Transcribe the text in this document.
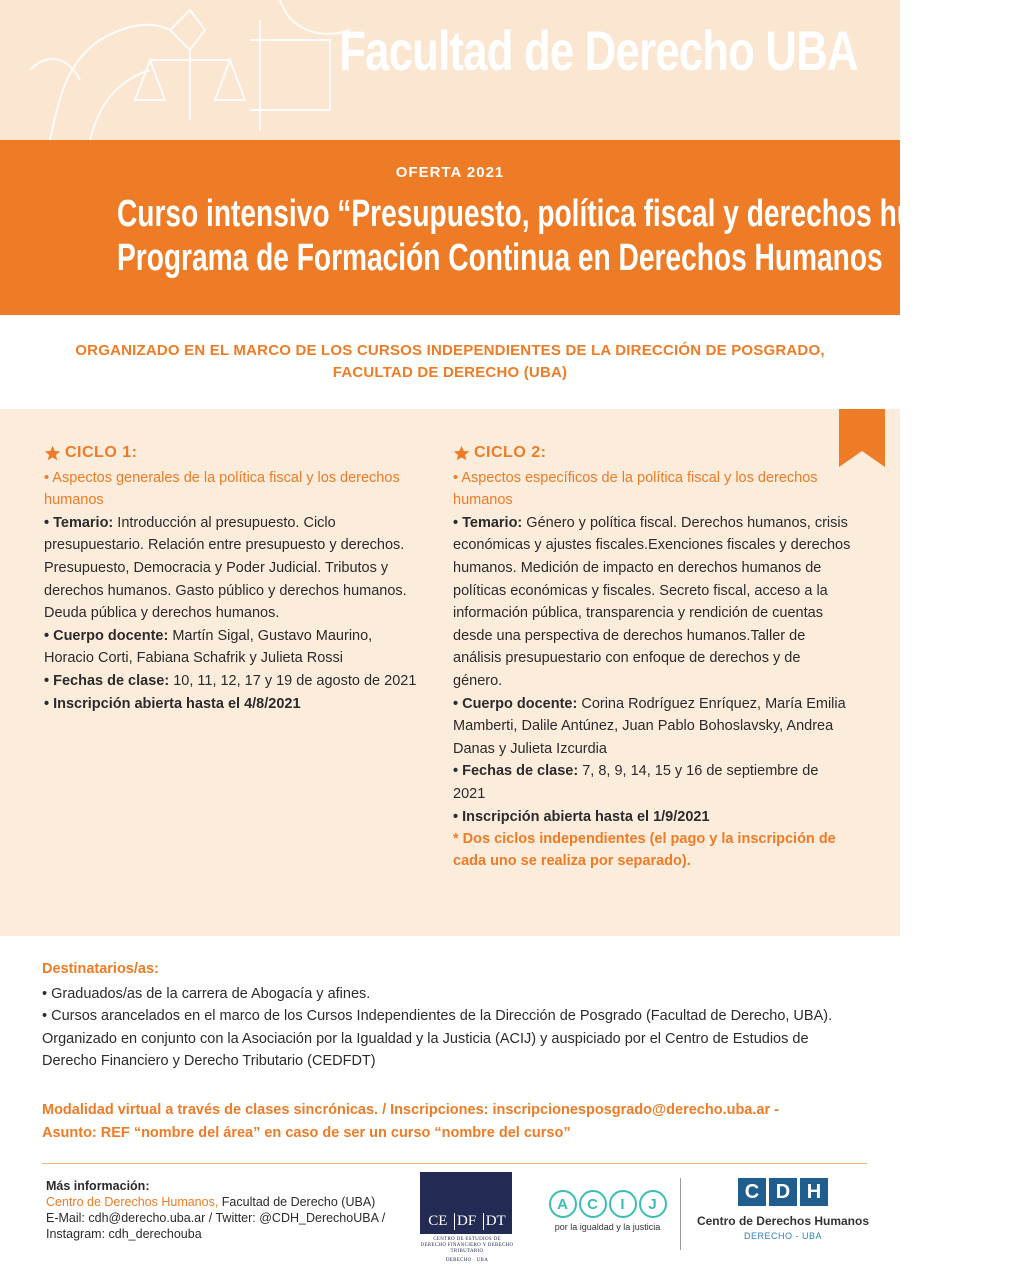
Facultad de Derecho UBA
OFERTA 2021
Curso intensivo “Presupuesto, política fiscal y derechos humanos”
Programa de Formación Continua en Derechos Humanos
ORGANIZADO EN EL MARCO DE LOS CURSOS INDEPENDIENTES DE LA DIRECCIÓN DE POSGRADO,
FACULTAD DE DERECHO (UBA)
CICLO 1:

• Aspectos generales de la política fiscal y los derechos humanos

• Temario: Introducción al presupuesto. Ciclo presupuestario. Relación entre presupuesto y derechos. Presupuesto, Democracia y Poder Judicial. Tributos y derechos humanos. Gasto público y derechos humanos. Deuda pública y derechos humanos.

• Cuerpo docente: Martín Sigal, Gustavo Maurino, Horacio Corti, Fabiana Schafrik y Julieta Rossi

• Fechas de clase: 10, 11, 12, 17 y 19 de agosto de 2021

• Inscripción abierta hasta el 4/8/2021

CICLO 2:

• Aspectos específicos de la política fiscal y los derechos humanos

• Temario: Género y política fiscal. Derechos humanos, crisis económicas y ajustes fiscales.Exenciones fiscales y derechos humanos. Medición de impacto en derechos humanos de políticas económicas y fiscales. Secreto fiscal, acceso a la información pública, transparencia y rendición de cuentas desde una perspectiva de derechos humanos.Taller de análisis presupuestario con enfoque de derechos y de género.

• Cuerpo docente: Corina Rodríguez Enríquez, María Emilia Mamberti, Dalile Antúnez, Juan Pablo Bohoslavsky, Andrea Danas y Julieta Izcurdia

• Fechas de clase: 7, 8, 9, 14, 15 y 16 de septiembre de 2021

• Inscripción abierta hasta el 1/9/2021

* Dos ciclos independientes (el pago y la inscripción de cada uno se realiza por separado).

Destinatarios/as:

• Graduados/as de la carrera de Abogacía y afines.

• Cursos arancelados en el marco de los Cursos Independientes de la Dirección de Posgrado (Facultad de Derecho, UBA). Organizado en conjunto con la Asociación por la Igualdad y la Justicia (ACIJ) y auspiciado por el Centro de Estudios de Derecho Financiero y Derecho Tributario (CEDFDT)

Modalidad virtual a través de clases sincrónicas. / Inscripciones: inscripcionesposgrado@derecho.uba.ar -
Asunto: REF “nombre del área” en caso de ser un curso “nombre del curso”
Más información:
Centro de Derechos Humanos, Facultad de Derecho (UBA)
E-Mail: cdh@derecho.uba.ar / Twitter: @CDH_DerechoUBA /
Instagram: cdh_derechouba
CE DF DT
CENTRO DE ESTUDIOS DE DERECHO FINANCIERO Y DERECHO TRIBUTARIO
DERECHO · UBA
A	C	I	J
por la igualdad y la justicia
C D H
Centro de Derechos Humanos
DERECHO - UBA
